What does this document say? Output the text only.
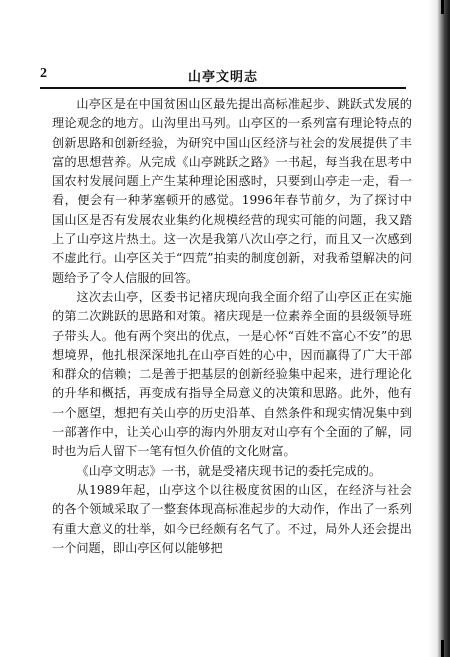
2	山亭文明志

山亭区是在中国贫困山区最先提出高标准起步、跳跃式发展的理论观念的地方。山沟里出马列。山亭区的一系列富有理论特点的创新思路和创新经验，为研究中国山区经济与社会的发展提供了丰富的思想营养。从完成《山亭跳跃之路》一书起，每当我在思考中国农村发展问题上产生某种理论困惑时，只要到山亭走一走，看一看，便会有一种茅塞顿开的感觉。1996年春节前夕，为了探讨中国山区是否有发展农业集约化规模经营的现实可能的问题，我又踏上了山亭这片热土。这一次是我第八次山亭之行，而且又一次感到不虚此行。山亭区关于“四荒”拍卖的制度创新，对我希望解决的问题给予了令人信服的回答。

这次去山亭，区委书记褚庆现向我全面介绍了山亭区正在实施的第二次跳跃的思路和对策。褚庆现是一位素养全面的县级领导班子带头人。他有两个突出的优点，一是心怀“百姓不富心不安”的思想境界，他扎根深深地扎在山亭百姓的心中，因而赢得了广大干部和群众的信赖；二是善于把基层的创新经验集中起来，进行理论化的升华和概括，再变成有指导全局意义的决策和思路。此外，他有一个愿望，想把有关山亭的历史沿革、自然条件和现实情况集中到一部著作中，让关心山亭的海内外朋友对山亭有个全面的了解，同时也为后人留下一笔有恒久价值的文化财富。

《山亭文明志》一书，就是受褚庆现书记的委托完成的。

从1989年起，山亭这个以往极度贫困的山区，在经济与社会的各个领域采取了一整套体现高标准起步的大动作，作出了一系列有重大意义的壮举，如今已经颇有名气了。不过，局外人还会提出一个问题，即山亭区何以能够把
